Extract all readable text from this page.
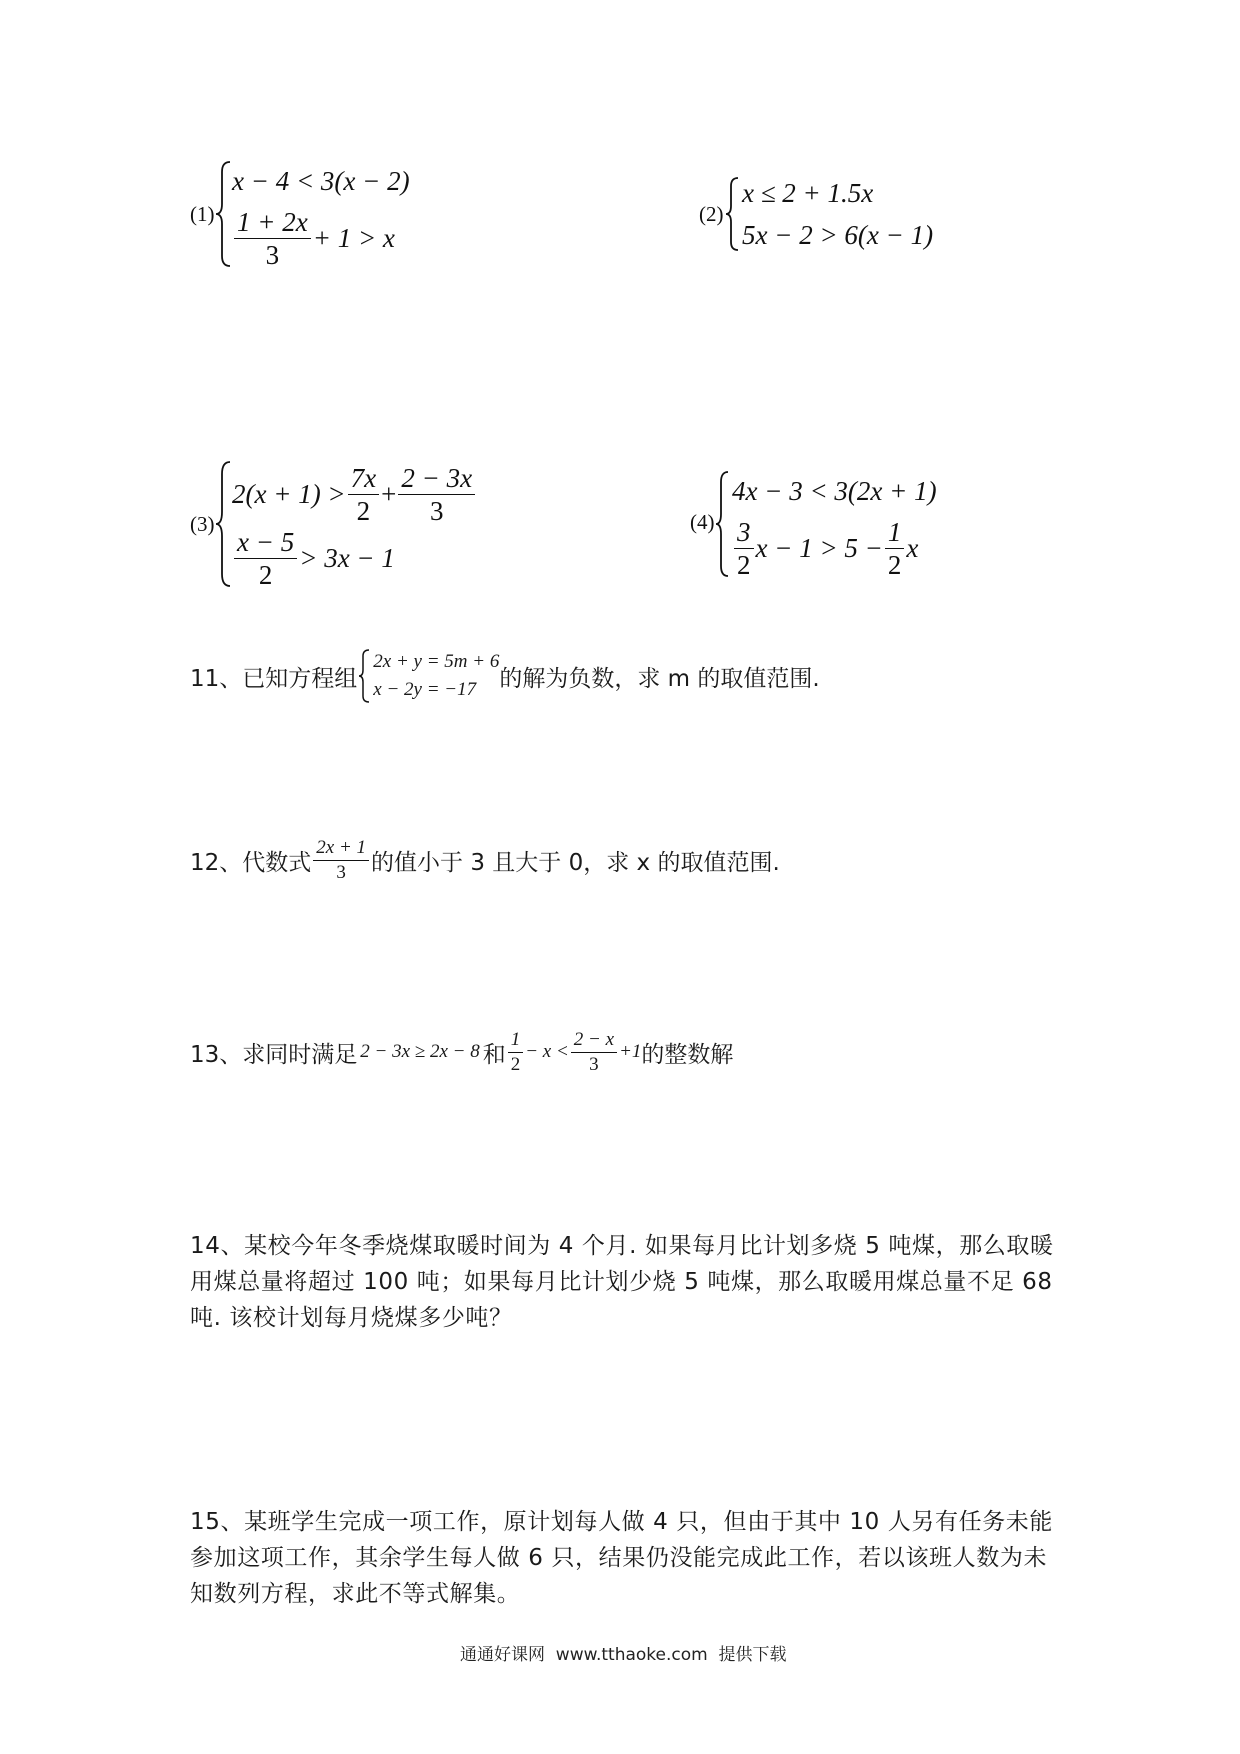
(1)
x − 4 < 3(x − 2)
$\frac{1 + 2x}{3} + 1 > x$
(2)
x ≤ 2 + 1.5x
5x − 2 > 6(x − 1)
(3)
$2(x + 1) > \frac{7x}{2} + \frac{2 - 3x}{3}$
$\frac{x - 5}{2} > 3x - 1$
(4)
4x − 3 < 3(2x + 1)
$\frac{3}{2}$ $x - 1 > 5 - \frac{1}{2}$ x
11、已知方程组
2x + y = 5m + 6
x − 2y = −17	的解为负数，求 m 的取值范围.
12、代数式 $\frac{2x + 1}{3}$ 的值小于 3 且大于 0，求 x 的取值范围.
13、求同时满足 2 − 3x ≥ 2x − 8 和 $\frac{1}{2} - x < \frac{2 - x}{3} +1$ 的整数解
14、某校今年冬季烧煤取暖时间为 4 个月. 如果每月比计划多烧 5 吨煤，那么取暖用煤总量将超过 100 吨；如果每月比计划少烧 5 吨煤，那么取暖用煤总量不足 68 吨. 该校计划每月烧煤多少吨？
15、某班学生完成一项工作，原计划每人做 4 只，但由于其中 10 人另有任务未能参加这项工作，其余学生每人做 6 只，结果仍没能完成此工作，若以该班人数为未知数列方程，求此不等式解集。
通通好课网  www.tthaoke.com  提供下载
